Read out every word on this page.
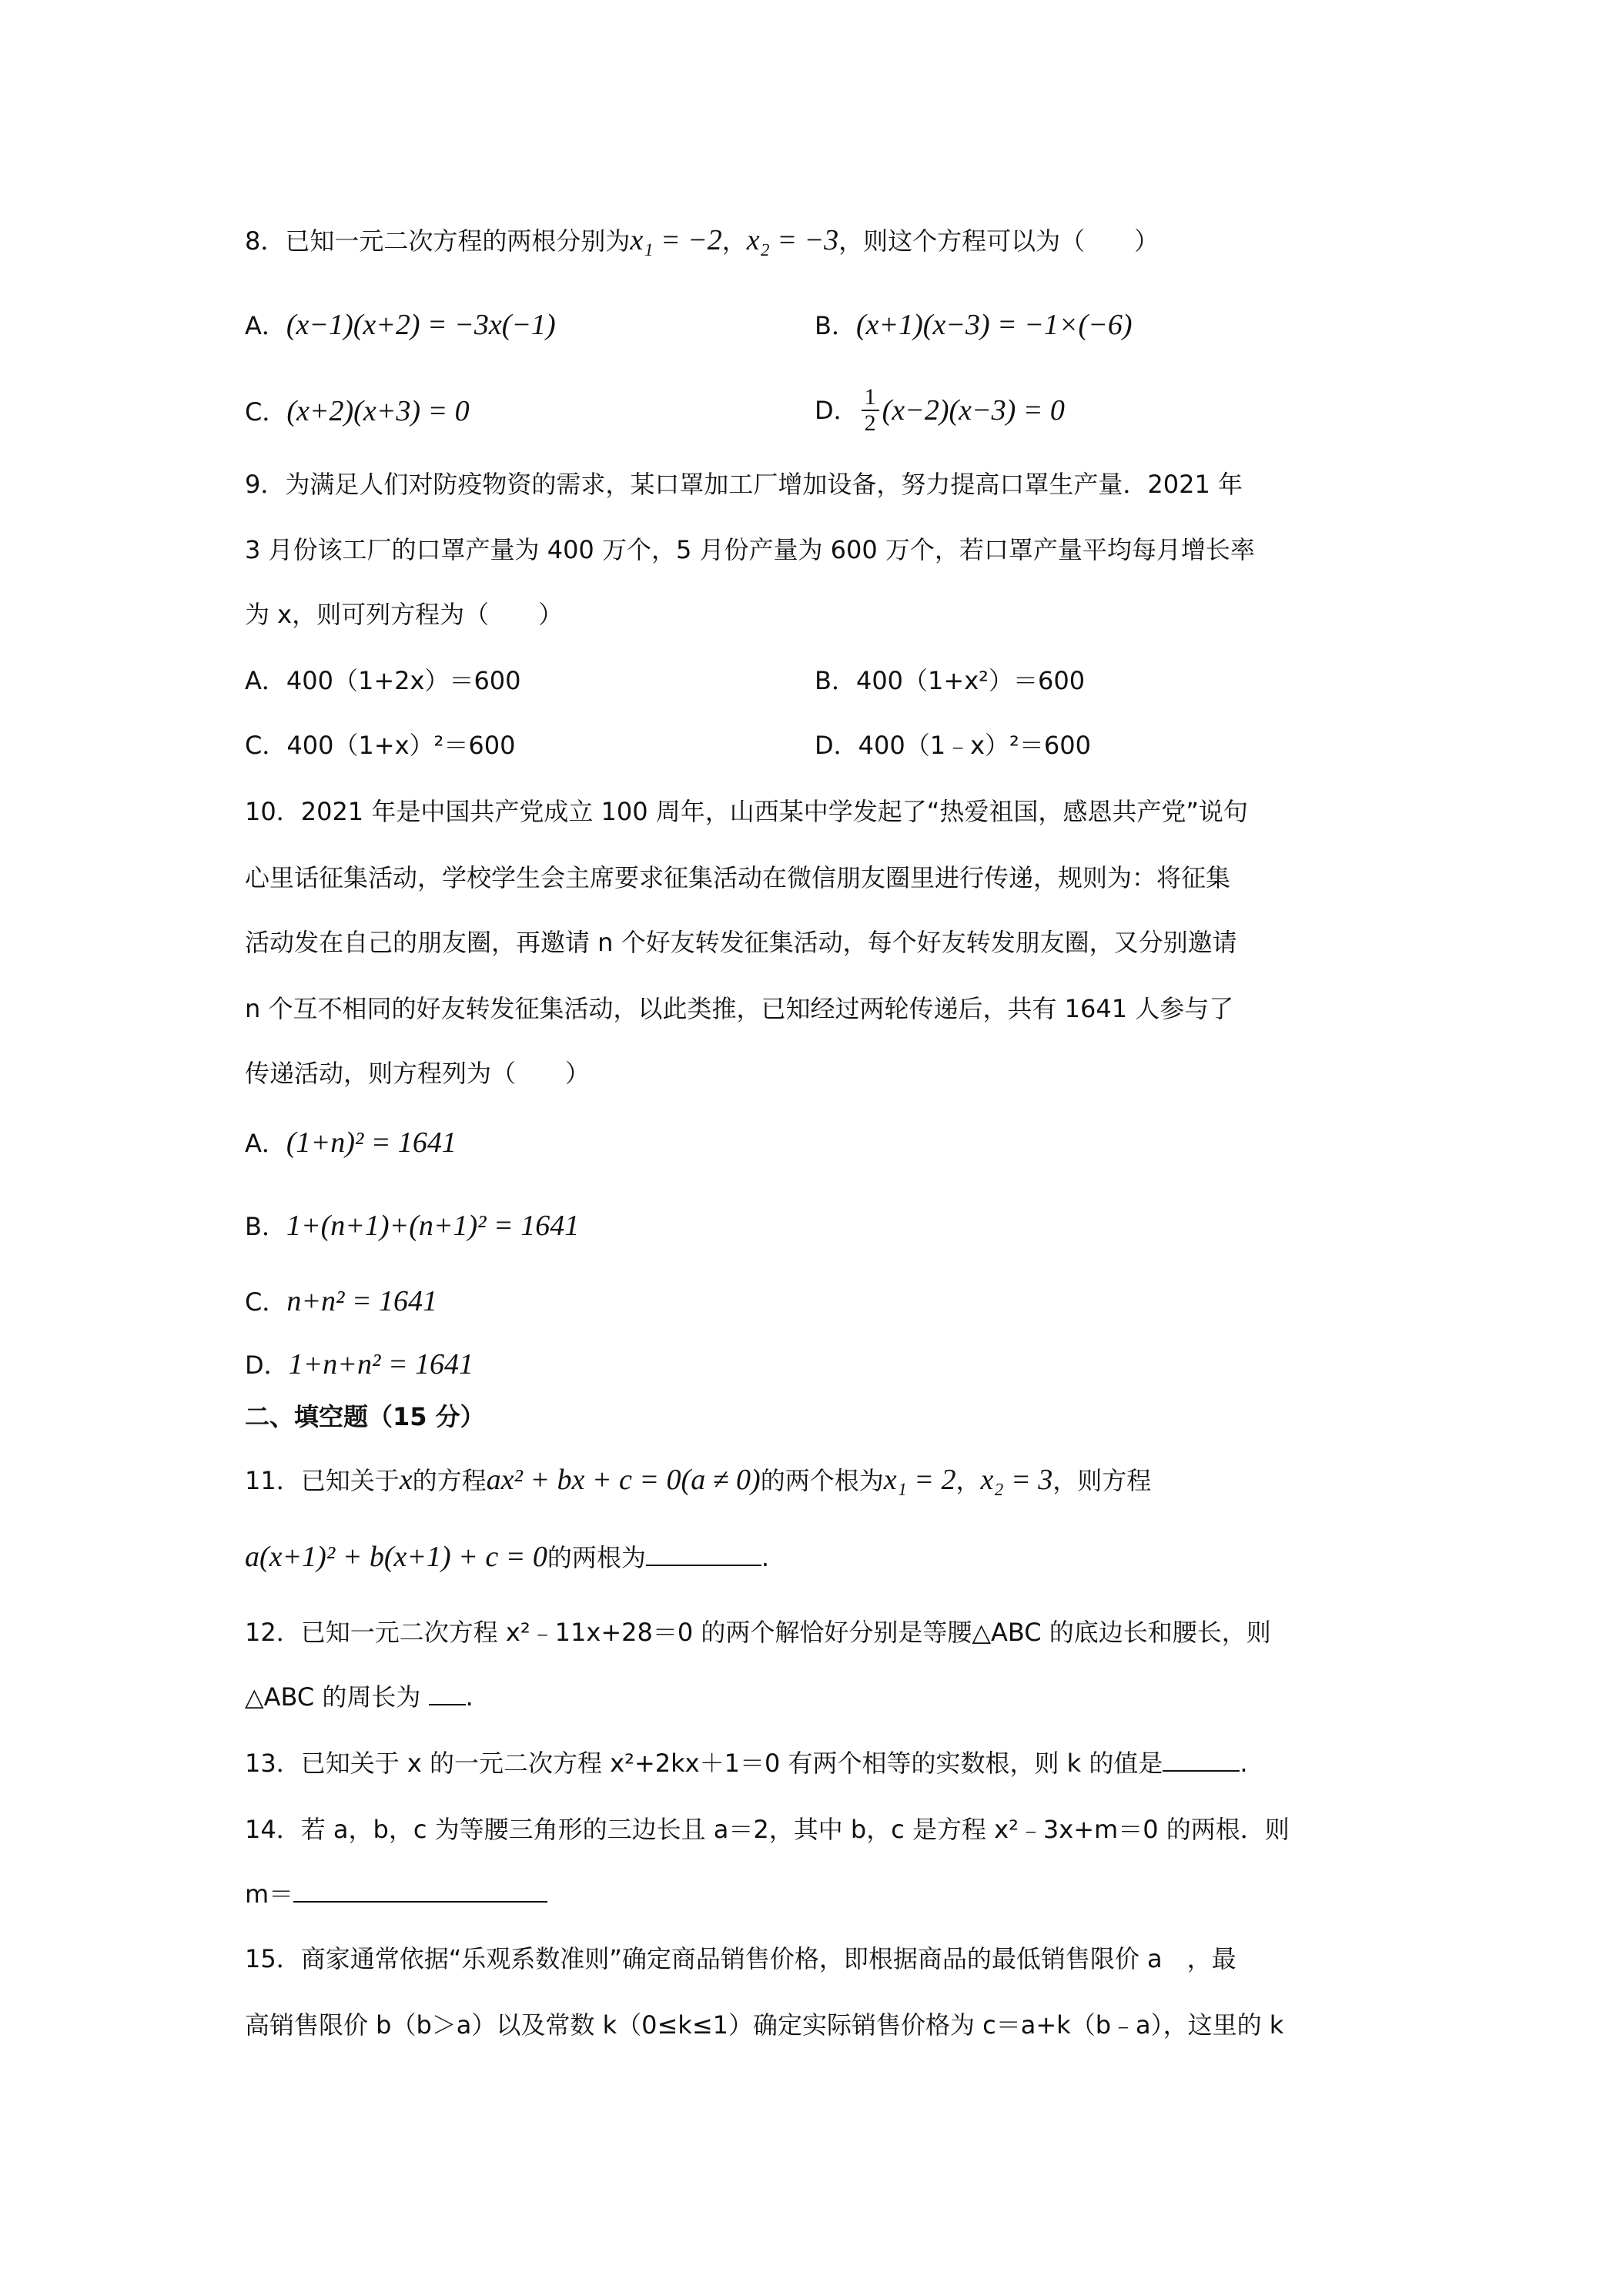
8．已知一元二次方程的两根分别为x₁ = −2，x₂ = −3，则这个方程可以为（　　）
A．(x−1)(x+2) = −3x(−1)	B．(x+1)(x−3) = −1×(−6)
C．(x+2)(x+3) = 0	D． $\frac{1}{2} (x-2)(x-3) = 0$
9．为满足人们对防疫物资的需求，某口罩加工厂增加设备，努力提高口罩生产量．2021 年
3 月份该工厂的口罩产量为 400 万个，5 月份产量为 600 万个，若口罩产量平均每月增长率
为 x，则可列方程为（　　）
A．400（1+2x）＝600	B．400（1+x²）＝600
C．400（1+x）²＝600	D．400（1﹣x）²＝600
10．2021 年是中国共产党成立 100 周年，山西某中学发起了“热爱祖国，感恩共产党”说句
心里话征集活动，学校学生会主席要求征集活动在微信朋友圈里进行传递，规则为：将征集
活动发在自己的朋友圈，再邀请 n 个好友转发征集活动，每个好友转发朋友圈，又分别邀请
n 个互不相同的好友转发征集活动，以此类推，已知经过两轮传递后，共有 1641 人参与了
传递活动，则方程列为（　　）
A．(1+n)² = 1641
B．1+(n+1)+(n+1)² = 1641
C．n+n² = 1641
D．1+n+n² = 1641
二、填空题（15 分）
11．已知关于x的方程ax² + bx + c = 0(a ≠ 0)的两个根为x₁ = 2，x₂ = 3，则方程
a(x+1)² + b(x+1) + c = 0的两根为	.
12．已知一元二次方程 x²﹣11x+28＝0 的两个解恰好分别是等腰△ABC 的底边长和腰长，则
△ABC 的周长为 .
13．已知关于 x 的一元二次方程 x²+2kx＋1＝0 有两个相等的实数根，则 k 的值是	.
14．若 a，b，c 为等腰三角形的三边长且 a＝2，其中 b，c 是方程 x²﹣3x+m＝0 的两根．则
m＝
15．商家通常依据“乐观系数准则”确定商品销售价格，即根据商品的最低销售限价 a　，最
高销售限价 b（b＞a）以及常数 k（0≤k≤1）确定实际销售价格为 c＝a+k（b﹣a），这里的 k
